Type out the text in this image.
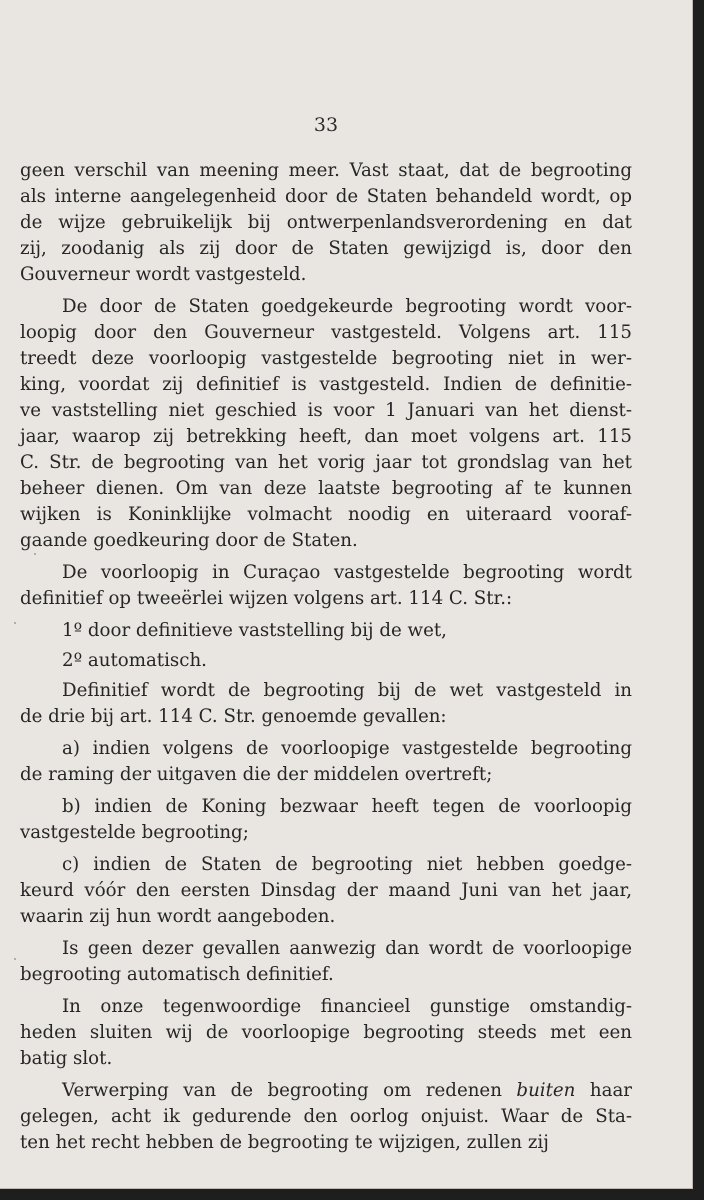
33
geen verschil van meening meer. Vast staat, dat de begrooting
als interne aangelegenheid door de Staten behandeld wordt, op
de wijze gebruikelijk bij ontwerpenlandsverordening en dat
zij, zoodanig als zij door de Staten gewijzigd is, door den
Gouverneur wordt vastgesteld.
De door de Staten goedgekeurde begrooting wordt voor-
loopig door den Gouverneur vastgesteld. Volgens art. 115
treedt deze voorloopig vastgestelde begrooting niet in wer-
king, voordat zij definitief is vastgesteld. Indien de definitie-
ve vaststelling niet geschied is voor 1 Januari van het dienst-
jaar, waarop zij betrekking heeft, dan moet volgens art. 115
C. Str. de begrooting van het vorig jaar tot grondslag van het
beheer dienen. Om van deze laatste begrooting af te kunnen
wijken is Koninklijke volmacht noodig en uiteraard vooraf-
gaande goedkeuring door de Staten.
De voorloopig in Curaçao vastgestelde begrooting wordt
definitief op tweeërlei wijzen volgens art. 114 C. Str.:
1º door definitieve vaststelling bij de wet,
2º automatisch.
Definitief wordt de begrooting bij de wet vastgesteld in
de drie bij art. 114 C. Str. genoemde gevallen:
a) indien volgens de voorloopige vastgestelde begrooting
de raming der uitgaven die der middelen overtreft;
b) indien de Koning bezwaar heeft tegen de voorloopig
vastgestelde begrooting;
c) indien de Staten de begrooting niet hebben goedge-
keurd vóór den eersten Dinsdag der maand Juni van het jaar,
waarin zij hun wordt aangeboden.
Is geen dezer gevallen aanwezig dan wordt de voorloopige
begrooting automatisch definitief.
In onze tegenwoordige financieel gunstige omstandig-
heden sluiten wij de voorloopige begrooting steeds met een
batig slot.
Verwerping van de begrooting om redenen buiten haar
gelegen, acht ik gedurende den oorlog onjuist. Waar de Sta-
ten het recht hebben de begrooting te wijzigen, zullen zij
